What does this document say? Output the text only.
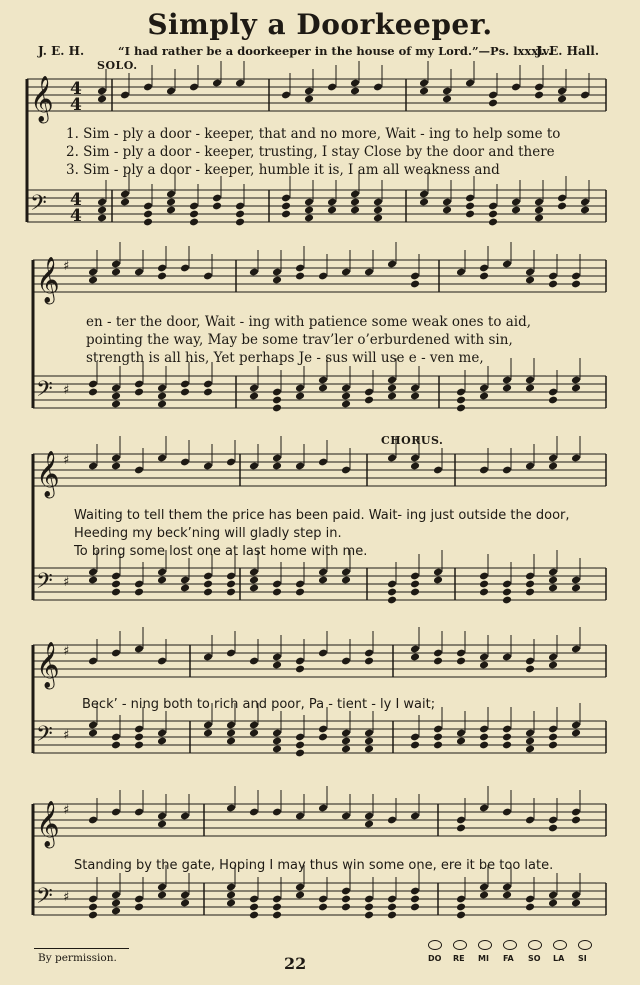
Simply a Doorkeeper.
J. E. H.	“I had rather be a doorkeeper in the house of my Lord.”—Ps. lxxxiv.
J. E. Hall.
SOLO.
CHORUS.
𝄞
𝄢
𝄞 ♯
𝄢 ♯
𝄞 ♯
𝄢 ♯
𝄞 ♯
𝄢 ♯
𝄞 ♯
𝄢 ♯
4
4
4
4
1. Sim - ply a door - keeper, that and no more, Wait - ing to help some to
2. Sim - ply a door - keeper, trusting, I stay Close by the door and there
3. Sim - ply a door - keeper, humble it is, I am all weakness and
en - ter the door, Wait - ing with patience some weak ones to aid,
pointing the way, May be some trav’ler o’erburdened with sin,
strength is all his, Yet perhaps Je - sus will use e - ven me,
Waiting to tell them the price has been paid. Wait- ing just outside the door,
Heeding my beck’ning will gladly step in.
To bring some lost one at last home with me.
Beck’ - ning both to rich and poor, Pa - tient - ly I wait;
Standing by the gate, Hoping I may thus win some one, ere it be too late.
By permission.	22	DO RE MI FA SO LA SI
